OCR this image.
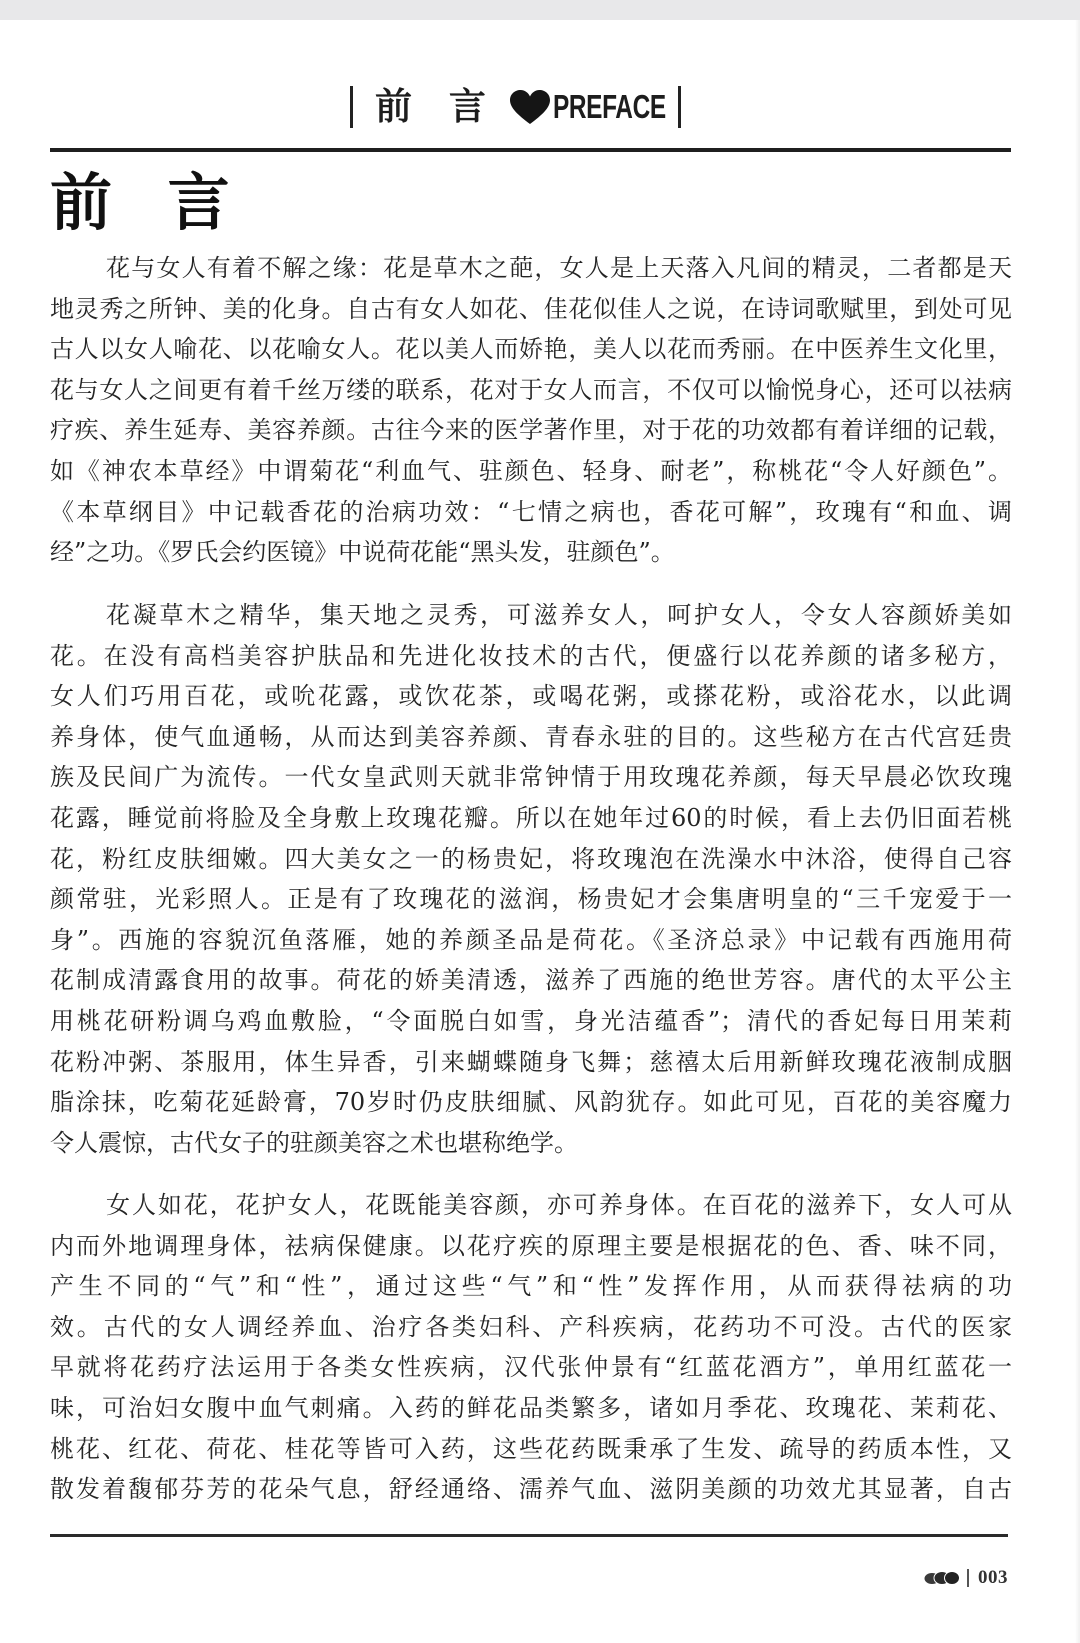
前 言 PREFACE
前 言
花与女人有着不解之缘：花是草木之葩，女人是上天落入凡间的精灵，二者都是天
地灵秀之所钟、美的化身。自古有女人如花、佳花似佳人之说，在诗词歌赋里，到处可见
古人以女人喻花、以花喻女人。花以美人而娇艳，美人以花而秀丽。在中医养生文化里，
花与女人之间更有着千丝万缕的联系，花对于女人而言，不仅可以愉悦身心，还可以祛病
疗疾、养生延寿、美容养颜。古往今来的医学著作里，对于花的功效都有着详细的记载，
如《神农本草经》中谓菊花“利血气、驻颜色、轻身、耐老”，称桃花“令人好颜色”。
《本草纲目》中记载香花的治病功效：“七情之病也，香花可解”，玫瑰有“和血、调
经”之功。《罗氏会约医镜》中说荷花能“黑头发，驻颜色”。
花凝草木之精华，集天地之灵秀，可滋养女人，呵护女人，令女人容颜娇美如
花。在没有高档美容护肤品和先进化妆技术的古代，便盛行以花养颜的诸多秘方，
女人们巧用百花，或吮花露，或饮花茶，或喝花粥，或搽花粉，或浴花水，以此调
养身体，使气血通畅，从而达到美容养颜、青春永驻的目的。这些秘方在古代宫廷贵
族及民间广为流传。一代女皇武则天就非常钟情于用玫瑰花养颜，每天早晨必饮玫瑰
花露，睡觉前将脸及全身敷上玫瑰花瓣。所以在她年过60的时候，看上去仍旧面若桃
花，粉红皮肤细嫩。四大美女之一的杨贵妃，将玫瑰泡在洗澡水中沐浴，使得自己容
颜常驻，光彩照人。正是有了玫瑰花的滋润，杨贵妃才会集唐明皇的“三千宠爱于一
身”。西施的容貌沉鱼落雁，她的养颜圣品是荷花。《圣济总录》中记载有西施用荷
花制成清露食用的故事。荷花的娇美清透，滋养了西施的绝世芳容。唐代的太平公主
用桃花研粉调乌鸡血敷脸，“令面脱白如雪，身光洁蕴香”；清代的香妃每日用茉莉
花粉冲粥、茶服用，体生异香，引来蝴蝶随身飞舞；慈禧太后用新鲜玫瑰花液制成胭
脂涂抹，吃菊花延龄膏，70岁时仍皮肤细腻、风韵犹存。如此可见，百花的美容魔力
令人震惊，古代女子的驻颜美容之术也堪称绝学。
女人如花，花护女人，花既能美容颜，亦可养身体。在百花的滋养下，女人可从
内而外地调理身体，祛病保健康。以花疗疾的原理主要是根据花的色、香、味不同，
产生不同的“气”和“性”，通过这些“气”和“性”发挥作用，从而获得祛病的功
效。古代的女人调经养血、治疗各类妇科、产科疾病，花药功不可没。古代的医家
早就将花药疗法运用于各类女性疾病，汉代张仲景有“红蓝花酒方”，单用红蓝花一
味，可治妇女腹中血气刺痛。入药的鲜花品类繁多，诸如月季花、玫瑰花、茉莉花、
桃花、红花、荷花、桂花等皆可入药，这些花药既秉承了生发、疏导的药质本性，又
散发着馥郁芬芳的花朵气息，舒经通络、濡养气血、滋阴美颜的功效尤其显著，自古
003
